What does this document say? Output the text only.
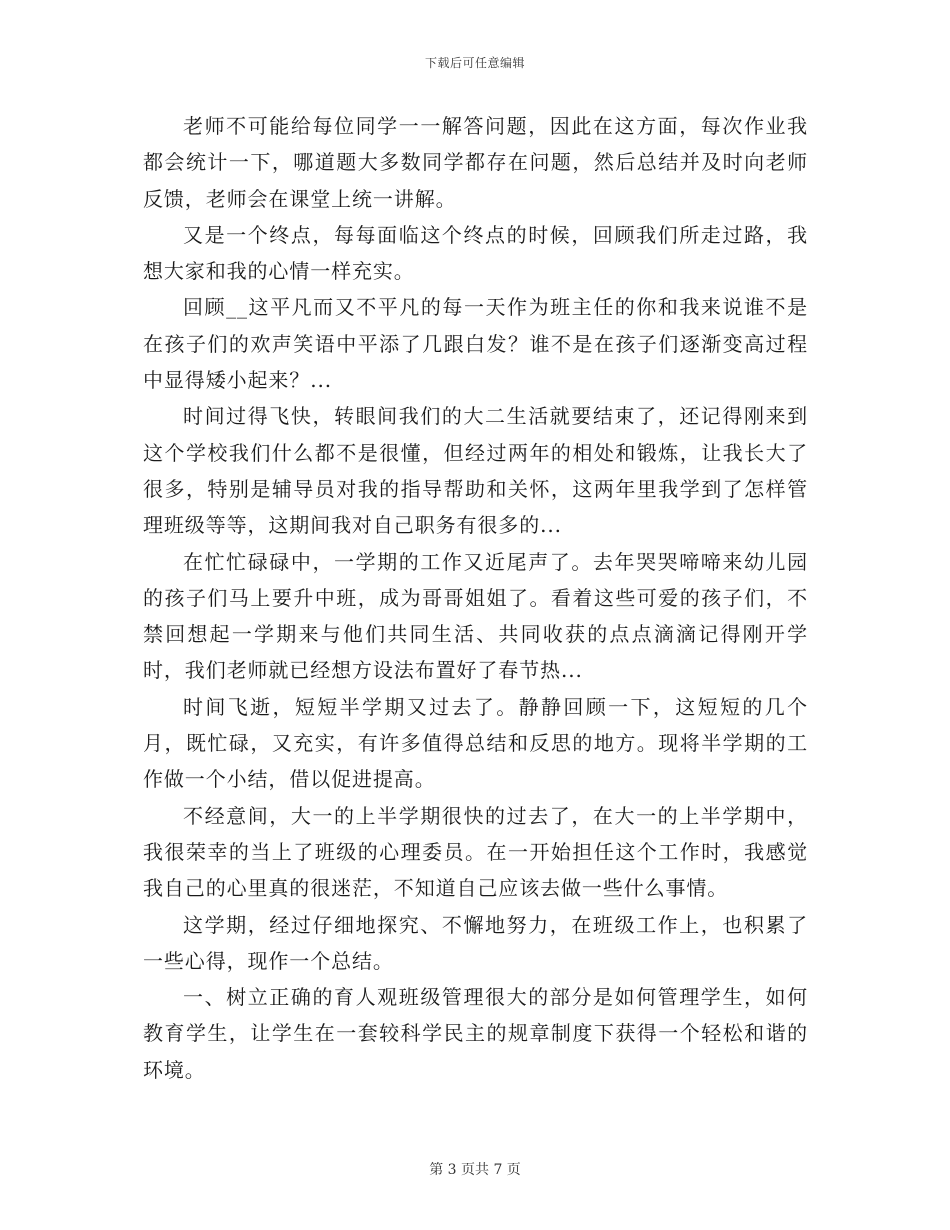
下载后可任意编辑

老师不可能给每位同学一一解答问题，因此在这方面，每次作业我都会统计一下，哪道题大多数同学都存在问题，然后总结并及时向老师反馈，老师会在课堂上统一讲解。

又是一个终点，每每面临这个终点的时候，回顾我们所走过路，我想大家和我的心情一样充实。

回顾__这平凡而又不平凡的每一天作为班主任的你和我来说谁不是在孩子们的欢声笑语中平添了几跟白发？谁不是在孩子们逐渐变高过程中显得矮小起来？...

时间过得飞快，转眼间我们的大二生活就要结束了，还记得刚来到这个学校我们什么都不是很懂，但经过两年的相处和锻炼，让我长大了很多，特别是辅导员对我的指导帮助和关怀，这两年里我学到了怎样管理班级等等，这期间我对自己职务有很多的...

在忙忙碌碌中，一学期的工作又近尾声了。去年哭哭啼啼来幼儿园的孩子们马上要升中班，成为哥哥姐姐了。看着这些可爱的孩子们，不禁回想起一学期来与他们共同生活、共同收获的点点滴滴记得刚开学时，我们老师就已经想方设法布置好了春节热...

时间飞逝，短短半学期又过去了。静静回顾一下，这短短的几个月，既忙碌，又充实，有许多值得总结和反思的地方。现将半学期的工作做一个小结，借以促进提高。

不经意间，大一的上半学期很快的过去了，在大一的上半学期中，我很荣幸的当上了班级的心理委员。在一开始担任这个工作时，我感觉我自己的心里真的很迷茫，不知道自己应该去做一些什么事情。

这学期，经过仔细地探究、不懈地努力，在班级工作上，也积累了一些心得，现作一个总结。

一、树立正确的育人观班级管理很大的部分是如何管理学生，如何教育学生，让学生在一套较科学民主的规章制度下获得一个轻松和谐的环境。

第 3 页共 7 页
